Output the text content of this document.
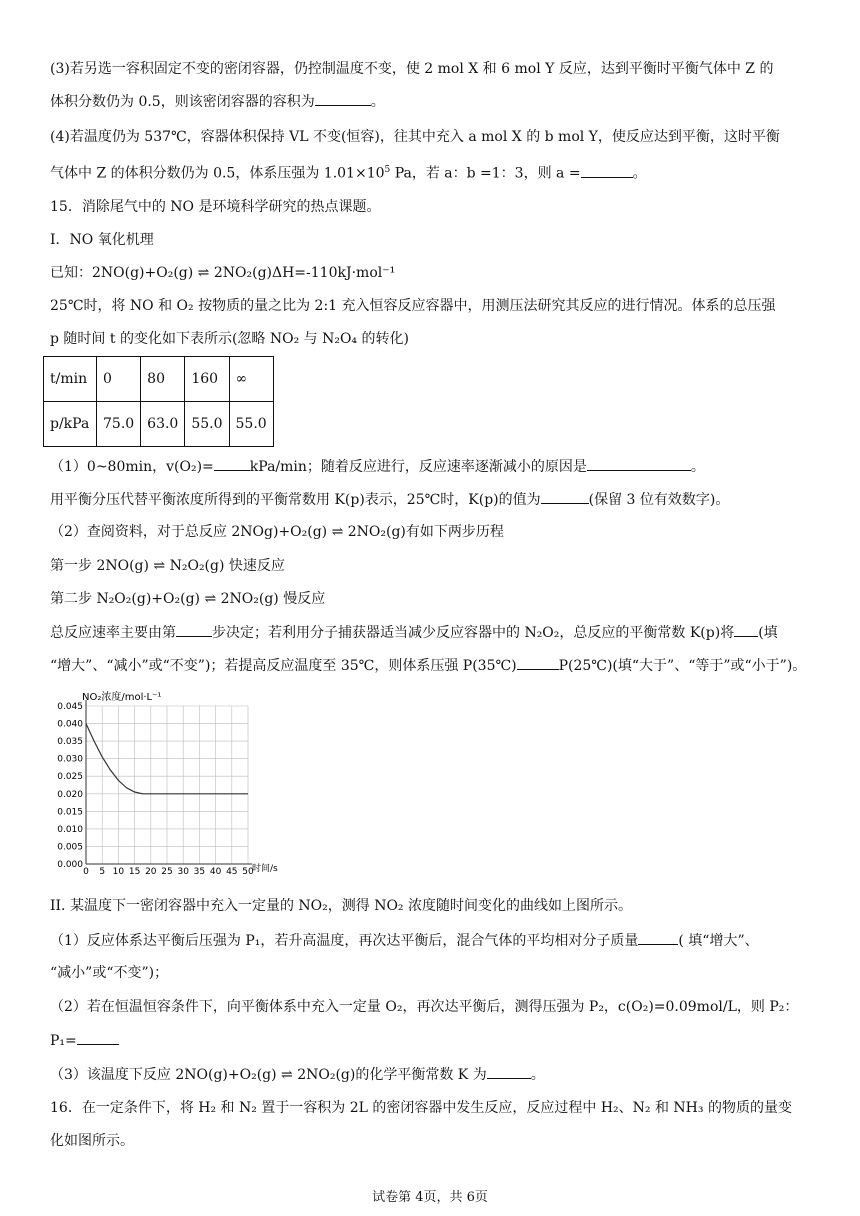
(3)若另选一容积固定不变的密闭容器，仍控制温度不变，使 2 mol X 和 6 mol Y 反应，达到平衡时平衡气体中 Z 的
体积分数仍为 0.5，则该密闭容器的容积为	。
(4)若温度仍为 537℃，容器体积保持 VL 不变(恒容)，往其中充入 a mol X 的 b mol Y，使反应达到平衡，这时平衡
气体中 Z 的体积分数仍为 0.5，体系压强为 $1.01\times 10^5$ Pa，若 a：b =1：3，则 a =	。
15．消除尾气中的 NO 是环境科学研究的热点课题。
I．NO 氧化机理
已知：2NO(g)+O₂(g) ⇌ 2NO₂(g)ΔH=-110kJ·mol⁻¹
25℃时，将 NO 和 O₂ 按物质的量之比为 2:1 充入恒容反应容器中，用测压法研究其反应的进行情况。体系的总压强
p 随时间 t 的变化如下表所示(忽略 NO₂ 与 N₂O₄ 的转化)
t/min	0	80	160	∞
p/kPa	75.0	63.0	55.0	55.0
（1）0~80min，v(O₂)=	kPa/min；随着反应进行，反应速率逐渐减小的原因是	。
用平衡分压代替平衡浓度所得到的平衡常数用 K(p)表示，25℃时，K(p)的值为	(保留 3 位有效数字)。
（2）查阅资料，对于总反应 2NOg)+O₂(g) ⇌ 2NO₂(g)有如下两步历程
第一步 2NO(g) ⇌ N₂O₂(g) 快速反应
第二步 N₂O₂(g)+O₂(g) ⇌ 2NO₂(g) 慢反应
总反应速率主要由第	步决定；若利用分子捕获器适当减少反应容器中的 N₂O₂，总反应的平衡常数 K(p)将 (填
“增大”、“减小”或“不变”)；若提高反应温度至 35℃，则体系压强 P(35℃)	P(25℃)(填“大于”、“等于”或“小于”)。
0 5 10 15 20 25 30 35 40 45 50
0.000
0.005
0.010
0.015
0.020
0.025
0.030
0.035
0.040
0.045
NO₂浓度/mol·L⁻¹
时间/s
II. 某温度下一密闭容器中充入一定量的 NO₂，测得 NO₂ 浓度随时间变化的曲线如上图所示。
（1）反应体系达平衡后压强为 P₁，若升高温度，再次达平衡后，混合气体的平均相对分子质量	( 填“增大”、
“减小”或“不变”)；
（2）若在恒温恒容条件下，向平衡体系中充入一定量 O₂，再次达平衡后，测得压强为 P₂，c(O₂)=0.09mol/L，则 P₂：
P₁=
（3）该温度下反应 2NO(g)+O₂(g) ⇌ 2NO₂(g)的化学平衡常数 K 为	。
16．在一定条件下，将 H₂ 和 N₂ 置于一容积为 2L 的密闭容器中发生反应，反应过程中 H₂、N₂ 和 NH₃ 的物质的量变
化如图所示。
试卷第 4页，共 6页
